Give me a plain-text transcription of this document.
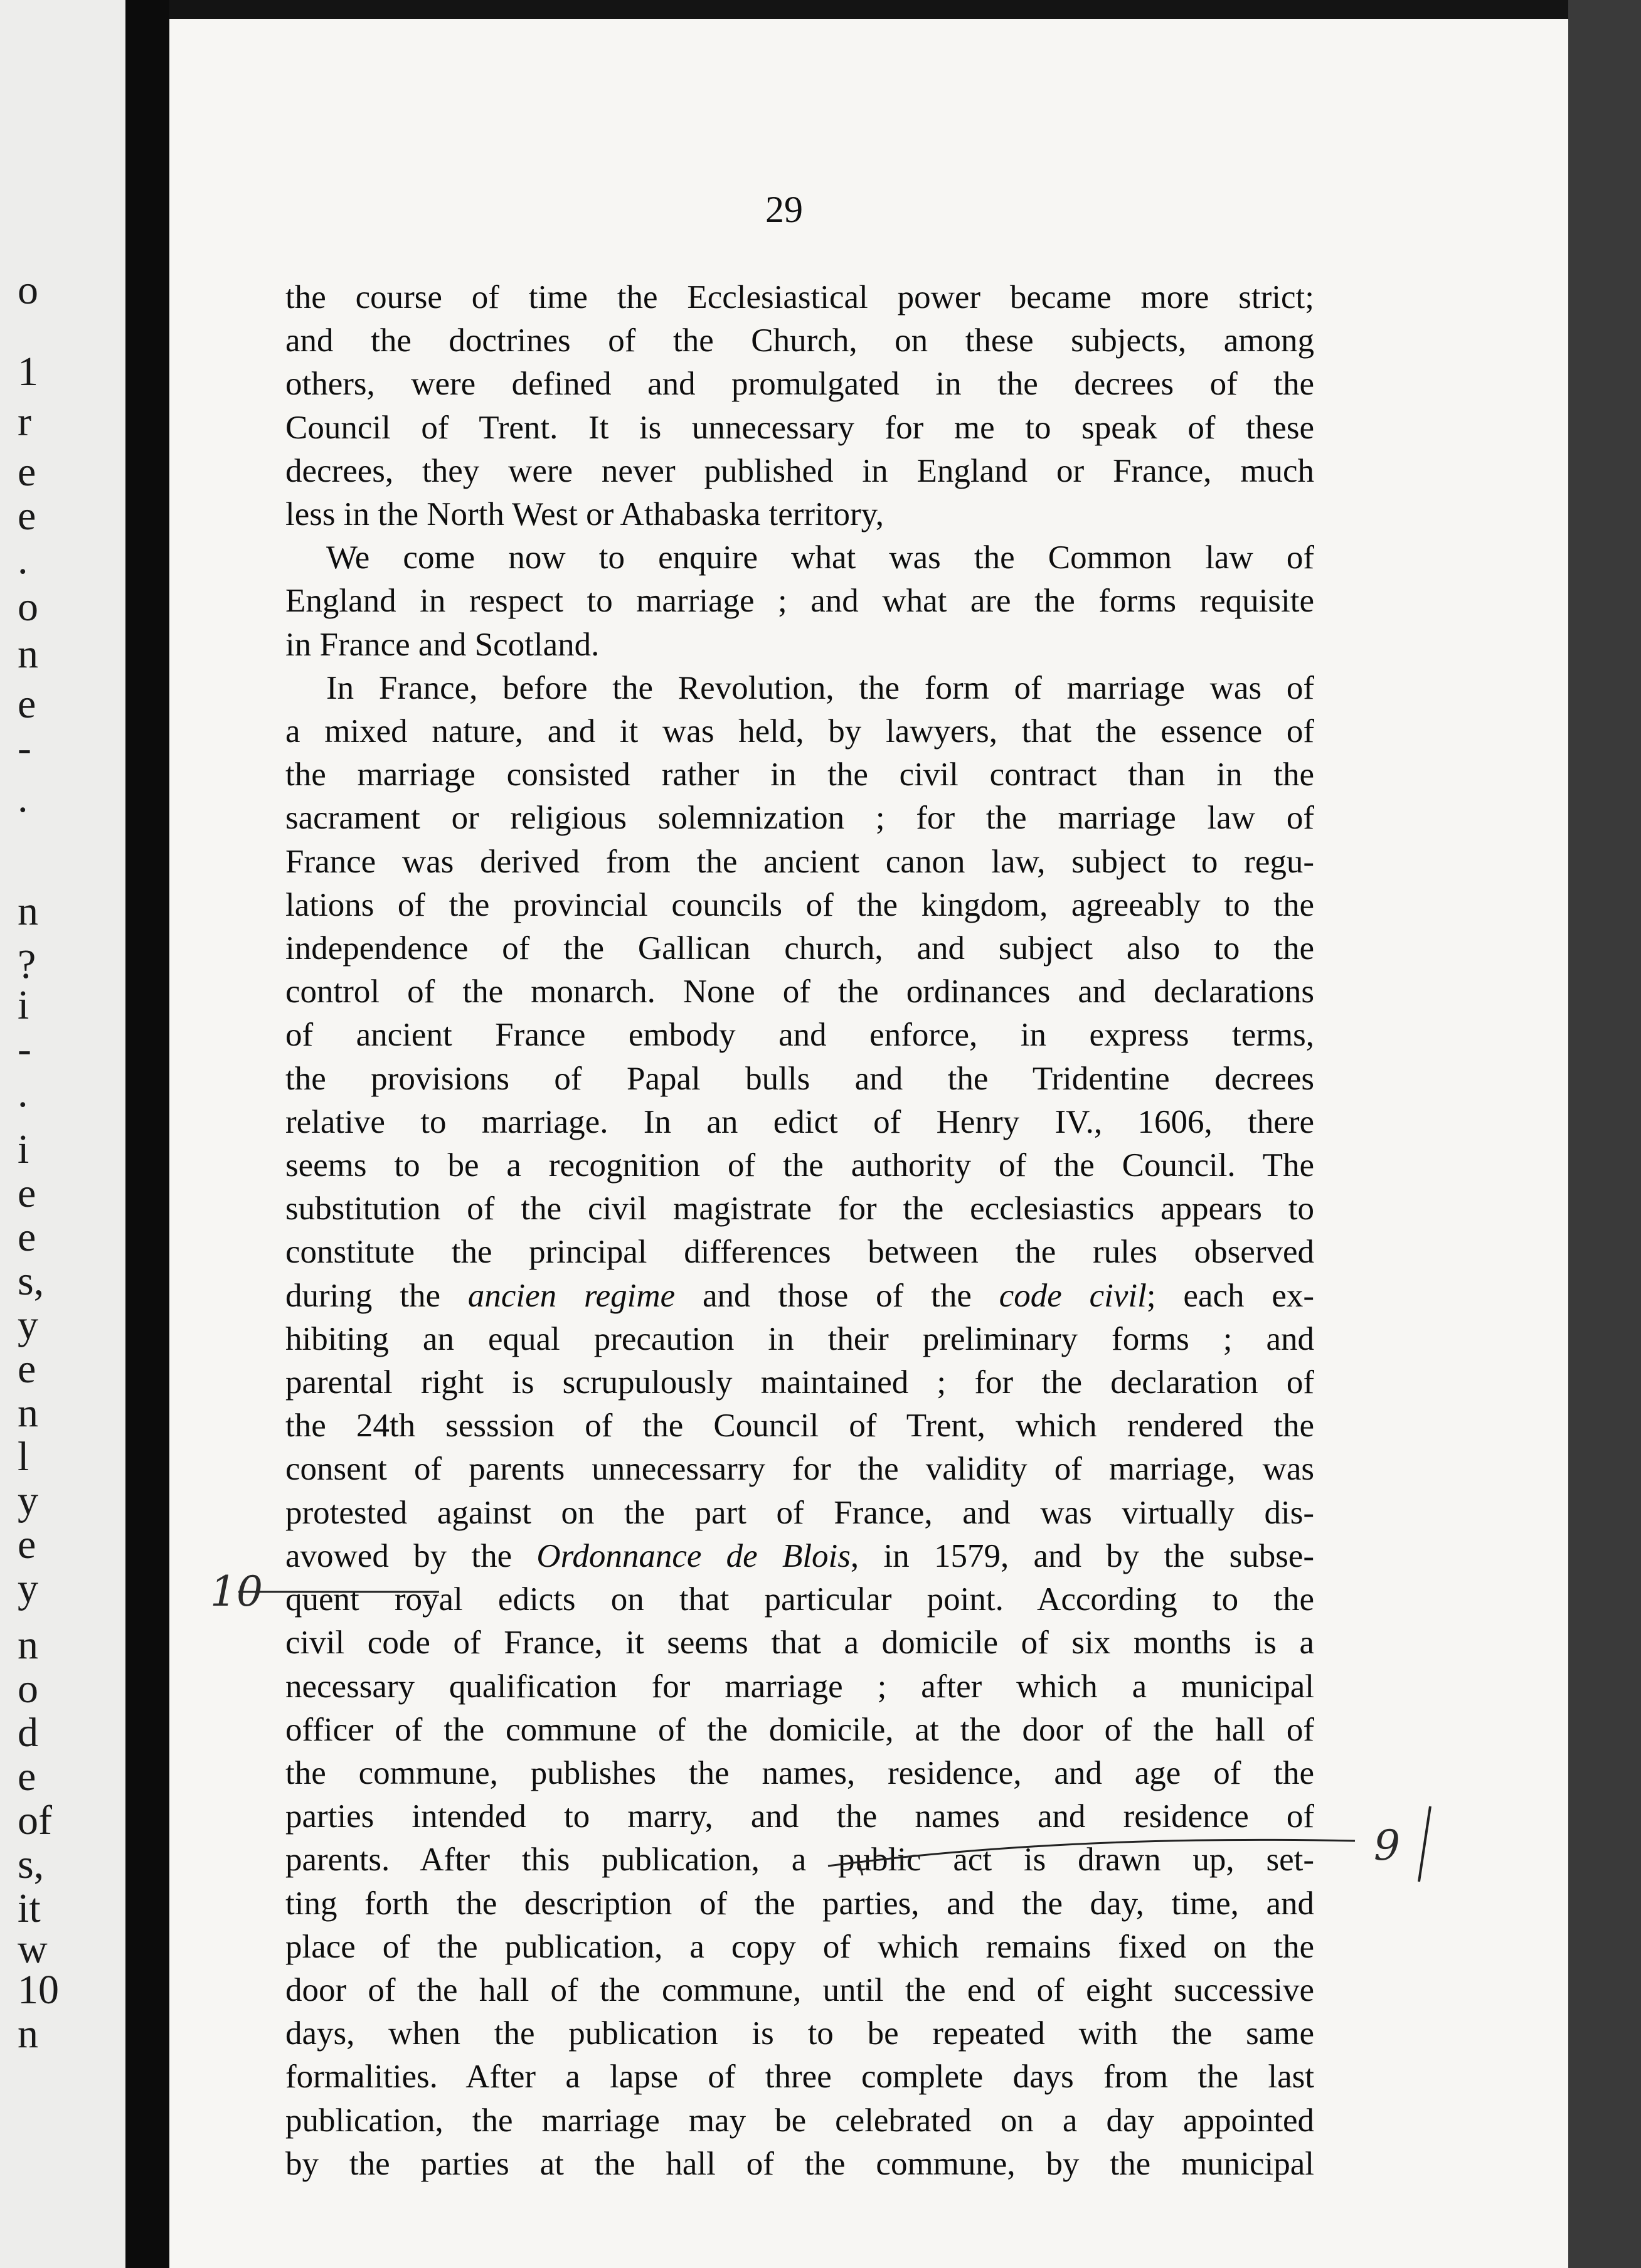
o
1
r
e
e
.
o
n
e
-
.
n
?
i
-
.
i
e
e
s,
y
e
n
l
y
e
y
n
o
d
e
of
s,
it
w
10
n
29
the course of time the Ecclesiastical power became more strict;
and the doctrines of the Church, on these subjects, among
others, were defined and promulgated in the decrees of the
Council of Trent. It is unnecessary for me to speak of these
decrees, they were never published in England or France, much
less in the North West or Athabaska territory,
We come now to enquire what was the Common law of
England in respect to marriage ; and what are the forms requisite
in France and Scotland.
In France, before the Revolution, the form of marriage was of
a mixed nature, and it was held, by lawyers, that the essence of
the marriage consisted rather in the civil contract than in the
sacrament or religious solemnization ; for the marriage law of
France was derived from the ancient canon law, subject to regu-
lations of the provincial councils of the kingdom, agreeably to the
independence of the Gallican church, and subject also to the
control of the monarch. None of the ordinances and declarations
of ancient France embody and enforce, in express terms,
the provisions of Papal bulls and the Tridentine decrees
relative to marriage. In an edict of Henry IV., 1606, there
seems to be a recognition of the authority of the Council. The
substitution of the civil magistrate for the ecclesiastics appears to
constitute the principal differences between the rules observed
during the ancien regime and those of the code civil; each ex-
hibiting an equal precaution in their preliminary forms ; and
parental right is scrupulously maintained ; for the declaration of
the 24th sesssion of the Council of Trent, which rendered the
consent of parents unnecessarry for the validity of marriage, was
protested against on the part of France, and was virtually dis-
avowed by the Ordonnance de Blois, in 1579, and by the subse-
quent royal edicts on that particular point. According to the
civil code of France, it seems that a domicile of six months is a
necessary qualification for marriage ; after which a municipal
officer of the commune of the domicile, at the door of the hall of
the commune, publishes the names, residence, and age of the
parties intended to marry, and the names and residence of
parents. After this publication, a public act is drawn up, set-
ting forth the description of the parties, and the day, time, and
place of the publication, a copy of which remains fixed on the
door of the hall of the commune, until the end of eight successive
days, when the publication is to be repeated with the same
formalities. After a lapse of three complete days from the last
publication, the marriage may be celebrated on a day appointed
by the parties at the hall of the commune, by the municipal
10
9
